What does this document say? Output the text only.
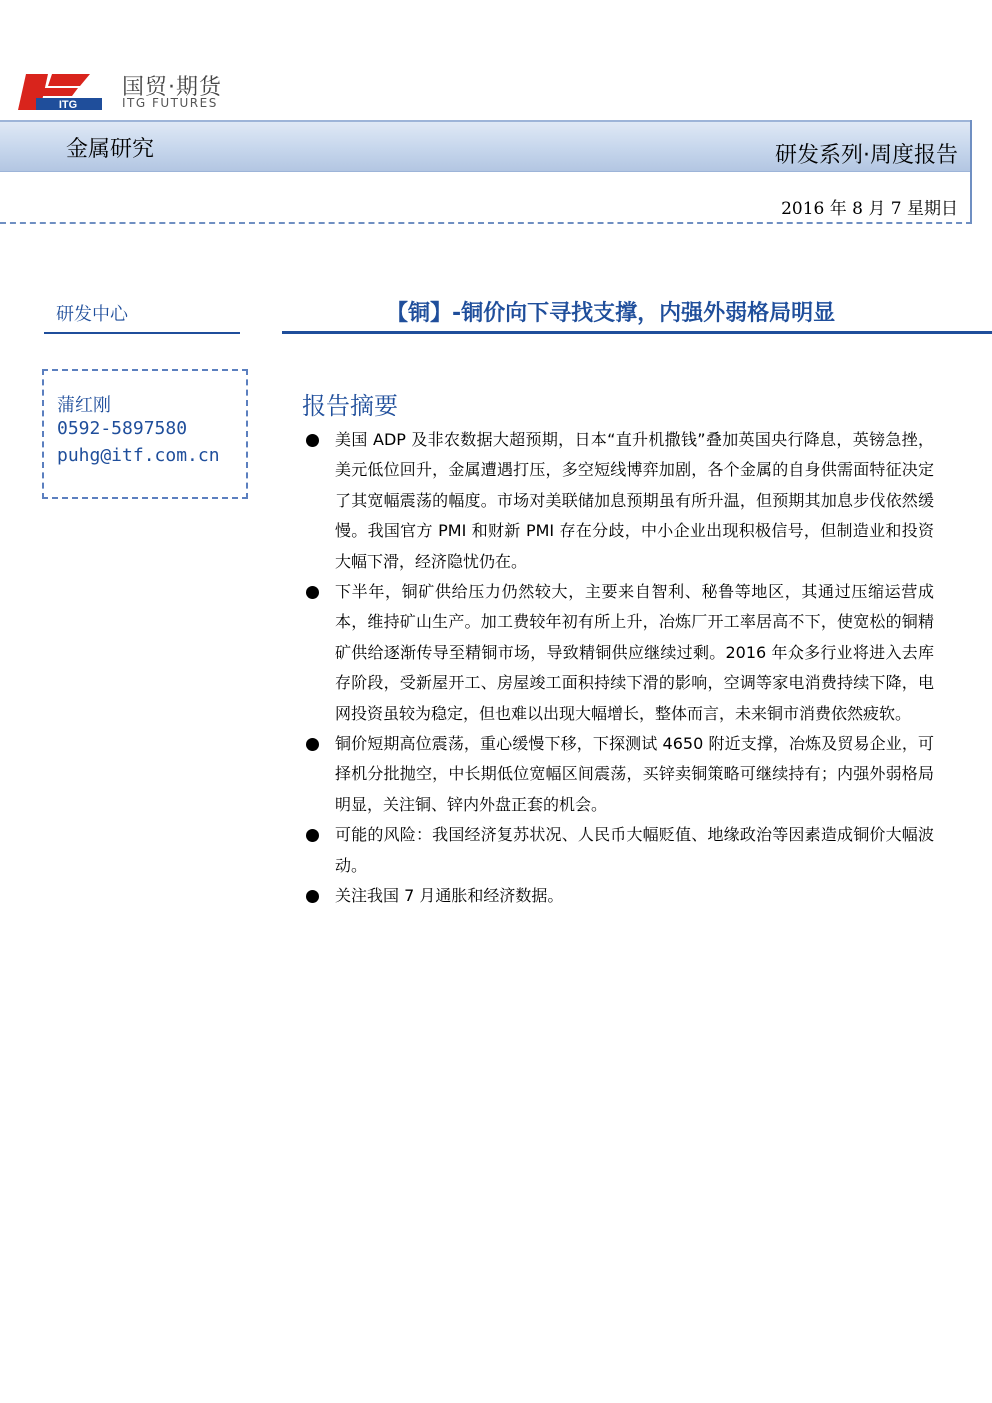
ITG
国贸·期货
ITG FUTURES
金属研究	研发系列·周度报告
2016 年 8 月 7 星期日
研发中心
蒲红刚
0592-5897580
puhg@itf.com.cn
【铜】-铜价向下寻找支撑，内强外弱格局明显
报告摘要
美国 ADP 及非农数据大超预期，日本“直升机撒钱”叠加英国央行降息，英镑急挫，美元低位回升，金属遭遇打压，多空短线博弈加剧，各个金属的自身供需面特征决定了其宽幅震荡的幅度。市场对美联储加息预期虽有所升温，但预期其加息步伐依然缓慢。我国官方 PMI 和财新 PMI 存在分歧，中小企业出现积极信号，但制造业和投资大幅下滑，经济隐忧仍在。
下半年，铜矿供给压力仍然较大，主要来自智利、秘鲁等地区，其通过压缩运营成本，维持矿山生产。加工费较年初有所上升，冶炼厂开工率居高不下，使宽松的铜精矿供给逐渐传导至精铜市场，导致精铜供应继续过剩。2016 年众多行业将进入去库存阶段，受新屋开工、房屋竣工面积持续下滑的影响，空调等家电消费持续下降，电网投资虽较为稳定，但也难以出现大幅增长，整体而言，未来铜市消费依然疲软。
铜价短期高位震荡，重心缓慢下移，下探测试 4650 附近支撑，冶炼及贸易企业，可择机分批抛空，中长期低位宽幅区间震荡，买锌卖铜策略可继续持有；内强外弱格局明显，关注铜、锌内外盘正套的机会。
可能的风险：我国经济复苏状况、人民币大幅贬值、地缘政治等因素造成铜价大幅波动。
关注我国 7 月通胀和经济数据。
